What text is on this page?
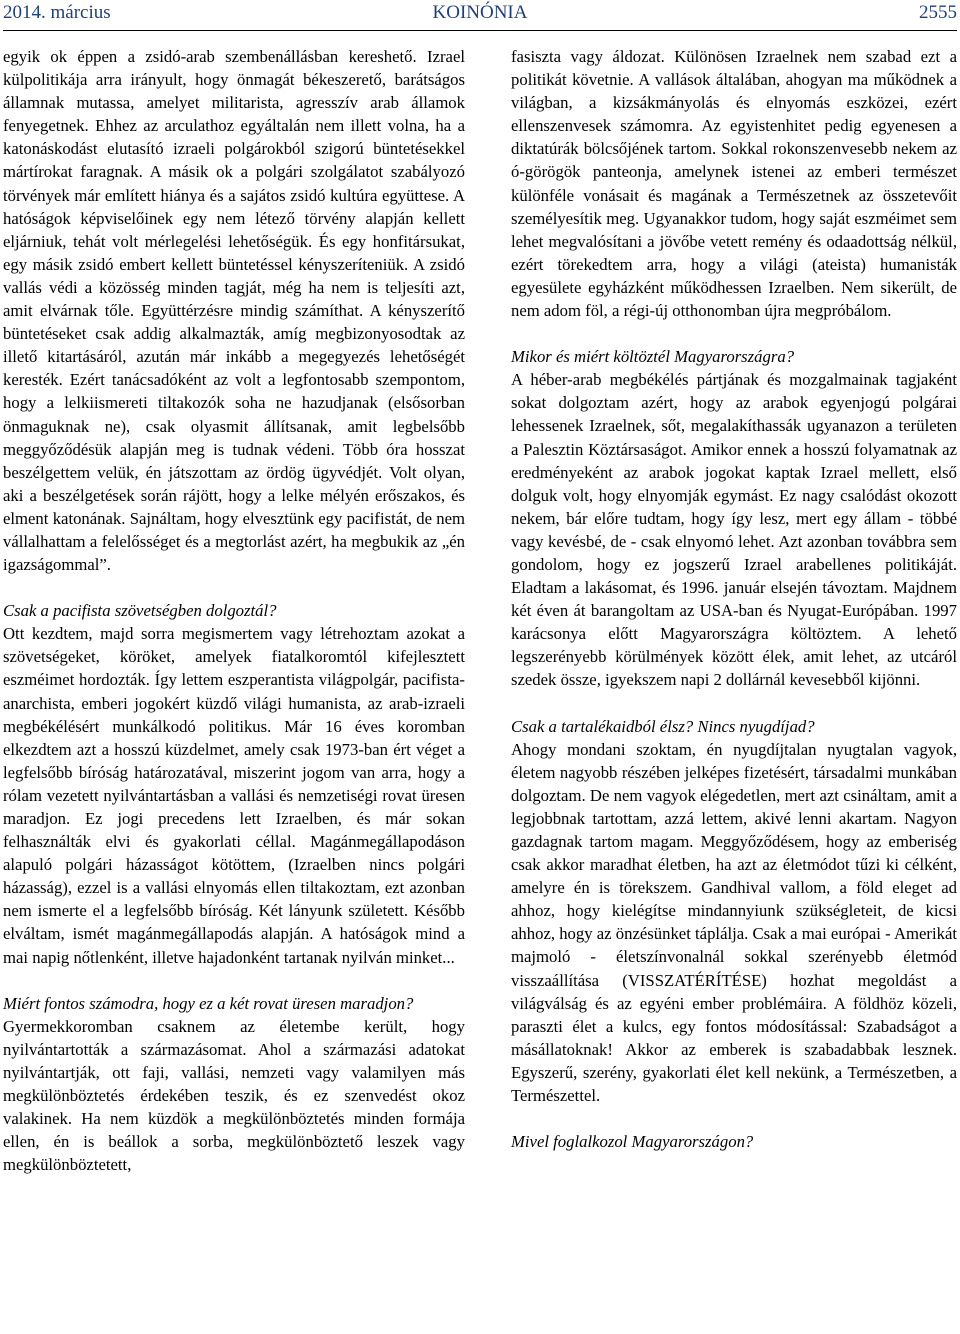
2014. március	KOINÓNIA	2555

egyik ok éppen a zsidó-arab szembenállásban kereshető. Izrael külpolitikája arra irányult, hogy önmagát békeszerető, barátságos államnak mutassa, amelyet militarista, agresszív arab államok fenyegetnek. Ehhez az arculathoz egyáltalán nem illett volna, ha a katonáskodást elutasító izraeli polgárokból szigorú büntetésekkel mártírokat faragnak. A másik ok a polgári szolgálatot szabályozó törvények már említett hiánya és a sajátos zsidó kultúra együttese. A hatóságok képviselőinek egy nem létező törvény alapján kellett eljárniuk, tehát volt mérlegelési lehetőségük. És egy honfitársukat, egy másik zsidó embert kellett büntetéssel kényszeríteniük. A zsidó vallás védi a közösség minden tagját, még ha nem is teljesíti azt, amit elvárnak tőle. Együttérzésre mindig számíthat. A kényszerítő büntetéseket csak addig alkalmazták, amíg megbizonyosodtak az illető kitartásáról, azután már inkább a megegyezés lehetőségét keresték. Ezért tanácsadóként az volt a legfontosabb szempontom, hogy a lelkiismereti tiltakozók soha ne hazudjanak (elsősorban önmaguknak ne), csak olyasmit állítsanak, amit legbelsőbb meggyőződésük alapján meg is tudnak védeni. Több óra hosszat beszélgettem velük, én játszottam az ördög ügyvédjét. Volt olyan, aki a beszélgetések során rájött, hogy a lelke mélyén erőszakos, és elment katonának. Sajnáltam, hogy elvesztünk egy pacifistát, de nem vállalhattam a felelősséget és a megtorlást azért, ha megbukik az „én igazságommal”.

Csak a pacifista szövetségben dolgoztál?

Ott kezdtem, majd sorra megismertem vagy létrehoztam azokat a szövetségeket, köröket, amelyek fiatalkoromtól kifejlesztett eszméimet hordozták. Így lettem eszperantista világpolgár, pacifista-anarchista, emberi jogokért küzdő világi humanista, az arab-izraeli megbékélésért munkálkodó politikus. Már 16 éves koromban elkezdtem azt a hosszú küzdelmet, amely csak 1973-ban ért véget a legfelsőbb bíróság határozatával, miszerint jogom van arra, hogy a rólam vezetett nyilvántartásban a vallási és nemzetiségi rovat üresen maradjon. Ez jogi precedens lett Izraelben, és már sokan felhasználták elvi és gyakorlati céllal. Magánmegállapodáson alapuló polgári házasságot kötöttem, (Izraelben nincs polgári házasság), ezzel is a vallási elnyomás ellen tiltakoztam, ezt azonban nem ismerte el a legfelsőbb bíróság. Két lányunk született. Később elváltam, ismét magánmegállapodás alapján. A hatóságok mind a mai napig nőtlenként, illetve hajadonként tartanak nyilván minket...

Miért fontos számodra, hogy ez a két rovat üresen maradjon?

Gyermekkoromban csaknem az életembe került, hogy nyilvántartották a származásomat. Ahol a származási adatokat nyilvántartják, ott faji, vallási, nemzeti vagy valamilyen más megkülönböztetés érdekében teszik, és ez szenvedést okoz valakinek. Ha nem küzdök a megkülönböztetés minden formája ellen, én is beállok a sorba, megkülönböztető leszek vagy megkülönböztetett,

fasiszta vagy áldozat. Különösen Izraelnek nem szabad ezt a politikát követnie. A vallások általában, ahogyan ma működnek a világban, a kizsákmányolás és elnyomás eszközei, ezért ellenszenvesek számomra. Az egyistenhitet pedig egyenesen a diktatúrák bölcsőjének tartom. Sokkal rokonszenvesebb nekem az ó-görögök panteonja, amelynek istenei az emberi természet különféle vonásait és magának a Természetnek az összetevőit személyesítik meg. Ugyanakkor tudom, hogy saját eszméimet sem lehet megvalósítani a jövőbe vetett remény és odaadottság nélkül, ezért törekedtem arra, hogy a világi (ateista) humanisták egyesülete egyházként működhessen Izraelben. Nem sikerült, de nem adom föl, a régi-új otthonomban újra megpróbálom.

Mikor és miért költöztél Magyarországra?

A héber-arab megbékélés pártjának és mozgalmainak tagjaként sokat dolgoztam azért, hogy az arabok egyenjogú polgárai lehessenek Izraelnek, sőt, megalakíthassák ugyanazon a területen a Palesztin Köztársaságot. Amikor ennek a hosszú folyamatnak az eredményeként az arabok jogokat kaptak Izrael mellett, első dolguk volt, hogy elnyomják egymást. Ez nagy csalódást okozott nekem, bár előre tudtam, hogy így lesz, mert egy állam - többé vagy kevésbé, de - csak elnyomó lehet. Azt azonban továbbra sem gondolom, hogy ez jogszerű Izrael arabellenes politikáját. Eladtam a lakásomat, és 1996. január elsején távoztam. Majdnem két éven át barangoltam az USA-ban és Nyugat-Európában. 1997 karácsonya előtt Magyarországra költöztem. A lehető legszerényebb körülmények között élek, amit lehet, az utcáról szedek össze, igyekszem napi 2 dollárnál kevesebből kijönni.

Csak a tartalékaidból élsz? Nincs nyugdíjad?

Ahogy mondani szoktam, én nyugdíjtalan nyugtalan vagyok, életem nagyobb részében jelképes fizetésért, társadalmi munkában dolgoztam. De nem vagyok elégedetlen, mert azt csináltam, amit a legjobbnak tartottam, azzá lettem, akivé lenni akartam. Nagyon gazdagnak tartom magam. Meggyőződésem, hogy az emberiség csak akkor maradhat életben, ha azt az életmódot tűzi ki célként, amelyre én is törekszem. Gandhival vallom, a föld eleget ad ahhoz, hogy kielégítse mindannyiunk szükségleteit, de kicsi ahhoz, hogy az önzésünket táplálja. Csak a mai európai - Amerikát majmoló - életszínvonalnál sokkal szerényebb életmód visszaállítása (VISSZATÉRÍTÉSE) hozhat megoldást a világválság és az egyéni ember problémáira. A földhöz közeli, paraszti élet a kulcs, egy fontos módosítással: Szabadságot a másállatoknak! Akkor az emberek is szabadabbak lesznek. Egyszerű, szerény, gyakorlati élet kell nekünk, a Természetben, a Természettel.

Mivel foglalkozol Magyarországon?
